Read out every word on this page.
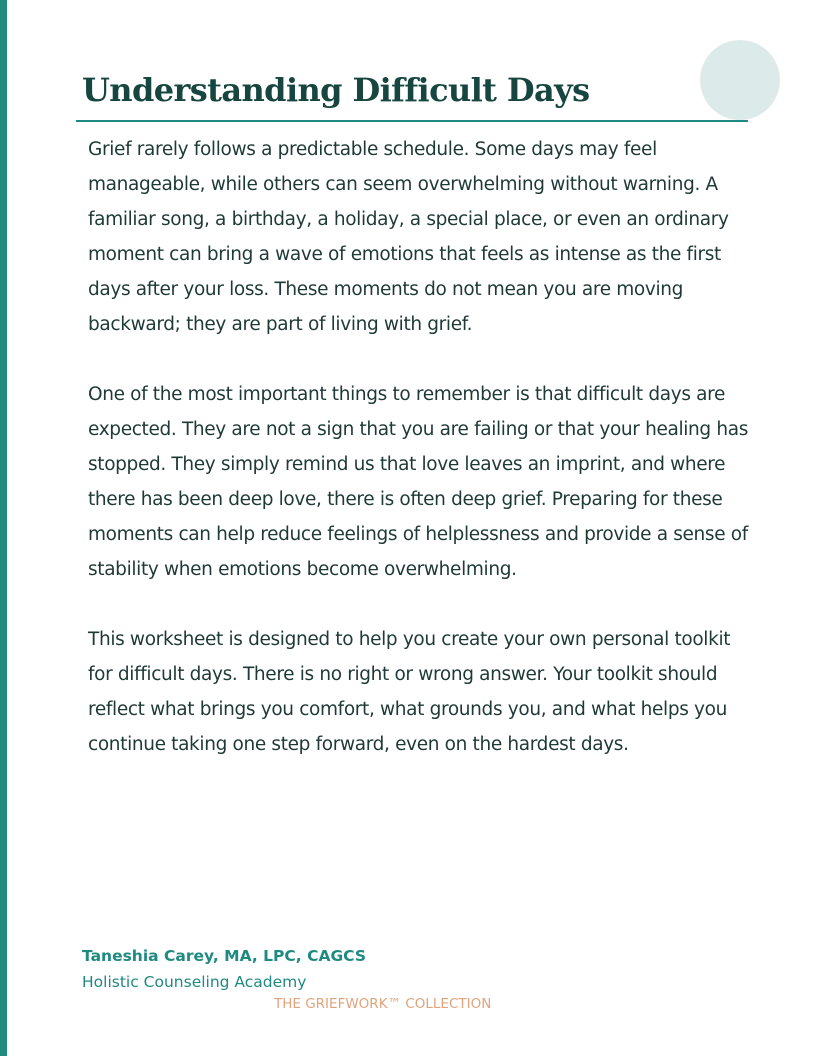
Understanding Difficult Days

Grief rarely follows a predictable schedule. Some days may feel manageable, while others can seem overwhelming without warning. A familiar song, a birthday, a holiday, a special place, or even an ordinary moment can bring a wave of emotions that feels as intense as the first days after your loss. These moments do not mean you are moving backward; they are part of living with grief.

One of the most important things to remember is that difficult days are expected. They are not a sign that you are failing or that your healing has stopped. They simply remind us that love leaves an imprint, and where there has been deep love, there is often deep grief. Preparing for these moments can help reduce feelings of helplessness and provide a sense of stability when emotions become overwhelming.

This worksheet is designed to help you create your own personal toolkit for difficult days. There is no right or wrong answer. Your toolkit should reflect what brings you comfort, what grounds you, and what helps you continue taking one step forward, even on the hardest days.

Taneshia Carey, MA, LPC, CAGCS
Holistic Counseling Academy
THE GRIEFWORK™ COLLECTION
